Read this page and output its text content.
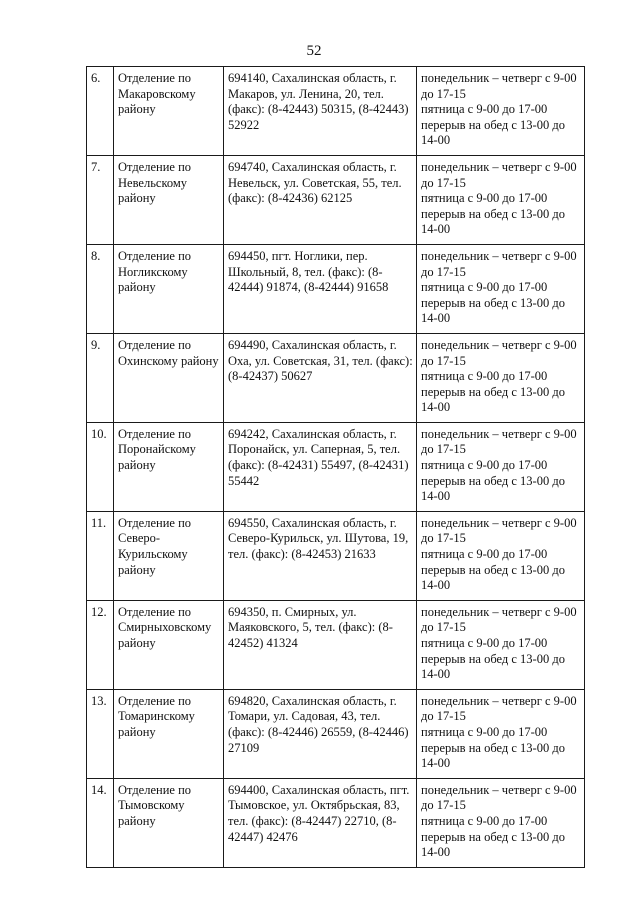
52
6.	Отделение по Макаровскому району	694140, Сахалинская область, г. Макаров, ул. Ленина, 20, тел. (факс): (8-42443) 50315, (8-42443) 52922	понедельник – четверг с 9-00 до 17-15
пятница с 9-00 до 17-00
перерыв на обед с 13-00 до 14-00

7.	Отделение по Невельскому району	694740, Сахалинская область, г. Невельск, ул. Советская, 55, тел. (факс): (8-42436) 62125	понедельник – четверг с 9-00 до 17-15
пятница с 9-00 до 17-00
перерыв на обед с 13-00 до 14-00

8.	Отделение по Ногликскому району	694450, пгт. Ноглики, пер. Школьный, 8, тел. (факс): (8-42444) 91874, (8-42444) 91658	понедельник – четверг с 9-00 до 17-15
пятница с 9-00 до 17-00
перерыв на обед с 13-00 до 14-00

9.	Отделение по Охинскому району	694490, Сахалинская область, г. Оха, ул. Советская, 31, тел. (факс): (8-42437) 50627	понедельник – четверг с 9-00 до 17-15
пятница с 9-00 до 17-00
перерыв на обед с 13-00 до 14-00

10.	Отделение по Поронайскому району	694242, Сахалинская область, г. Поронайск, ул. Саперная, 5, тел. (факс): (8-42431) 55497, (8-42431) 55442	понедельник – четверг с 9-00 до 17-15
пятница с 9-00 до 17-00
перерыв на обед с 13-00 до 14-00

11.	Отделение по Северо-Курильскому району	694550, Сахалинская область, г. Северо-Курильск, ул. Шутова, 19, тел. (факс): (8-42453) 21633	понедельник – четверг с 9-00 до 17-15
пятница с 9-00 до 17-00
перерыв на обед с 13-00 до 14-00

12.	Отделение по Смирныховскому району	694350, п. Смирных, ул. Маяковского, 5, тел. (факс): (8-42452) 41324	понедельник – четверг с 9-00 до 17-15
пятница с 9-00 до 17-00
перерыв на обед с 13-00 до 14-00

13.	Отделение по Томаринскому району	694820, Сахалинская область, г. Томари, ул. Садовая, 43, тел. (факс): (8-42446) 26559, (8-42446) 27109	понедельник – четверг с 9-00 до 17-15
пятница с 9-00 до 17-00
перерыв на обед с 13-00 до 14-00

14.	Отделение по Тымовскому району	694400, Сахалинская область, пгт. Тымовское, ул. Октябрьская, 83, тел. (факс): (8-42447) 22710, (8-42447) 42476	понедельник – четверг с 9-00 до 17-15
пятница с 9-00 до 17-00
перерыв на обед с 13-00 до 14-00
